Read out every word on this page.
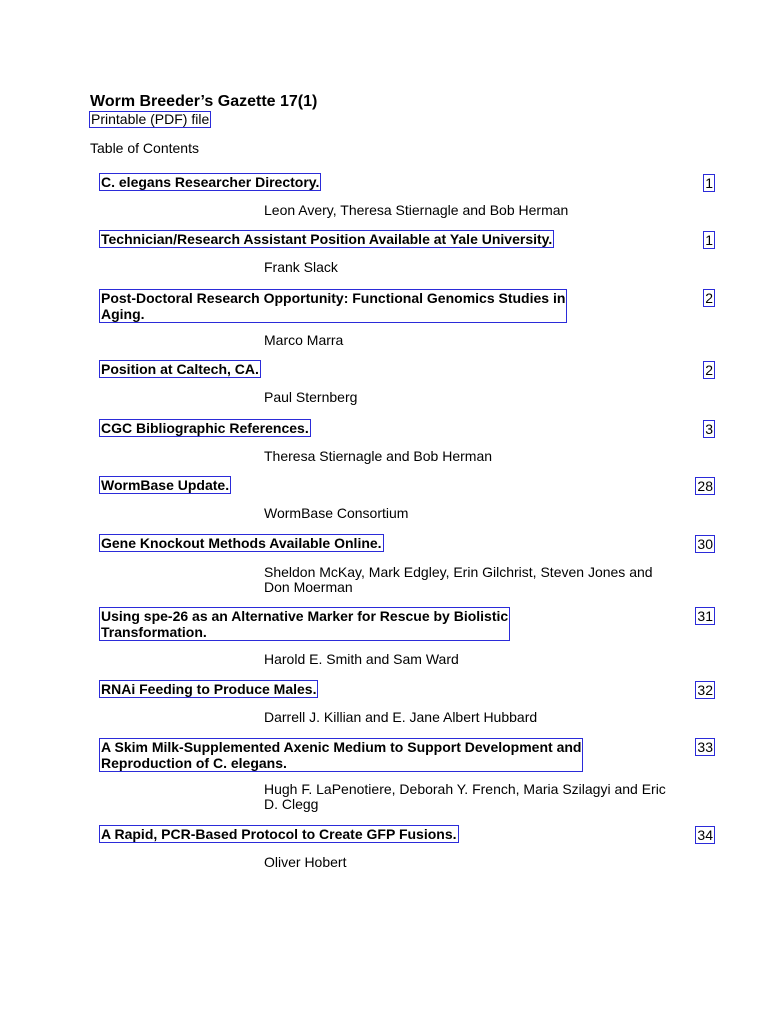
Worm Breeder’s Gazette 17(1)
Printable (PDF) file
Table of Contents
C. elegans Researcher Directory.	1
Leon Avery, Theresa Stiernagle and Bob Herman
Technician/Research Assistant Position Available at Yale University.	1
Frank Slack
Post-Doctoral Research Opportunity: Functional Genomics Studies in
Aging.
2
Marco Marra
Position at Caltech, CA.	2
Paul Sternberg
CGC Bibliographic References.	3
Theresa Stiernagle and Bob Herman
WormBase Update.	28
WormBase Consortium
Gene Knockout Methods Available Online.	30
Sheldon McKay, Mark Edgley, Erin Gilchrist, Steven Jones and
Don Moerman
Using spe-26 as an Alternative Marker for Rescue by Biolistic
Transformation.
31
Harold E. Smith and Sam Ward
RNAi Feeding to Produce Males.	32
Darrell J. Killian and E. Jane Albert Hubbard
A Skim Milk-Supplemented Axenic Medium to Support Development and
Reproduction of C. elegans.
33
Hugh F. LaPenotiere, Deborah Y. French, Maria Szilagyi and Eric
D. Clegg
A Rapid, PCR-Based Protocol to Create GFP Fusions.	34
Oliver Hobert
